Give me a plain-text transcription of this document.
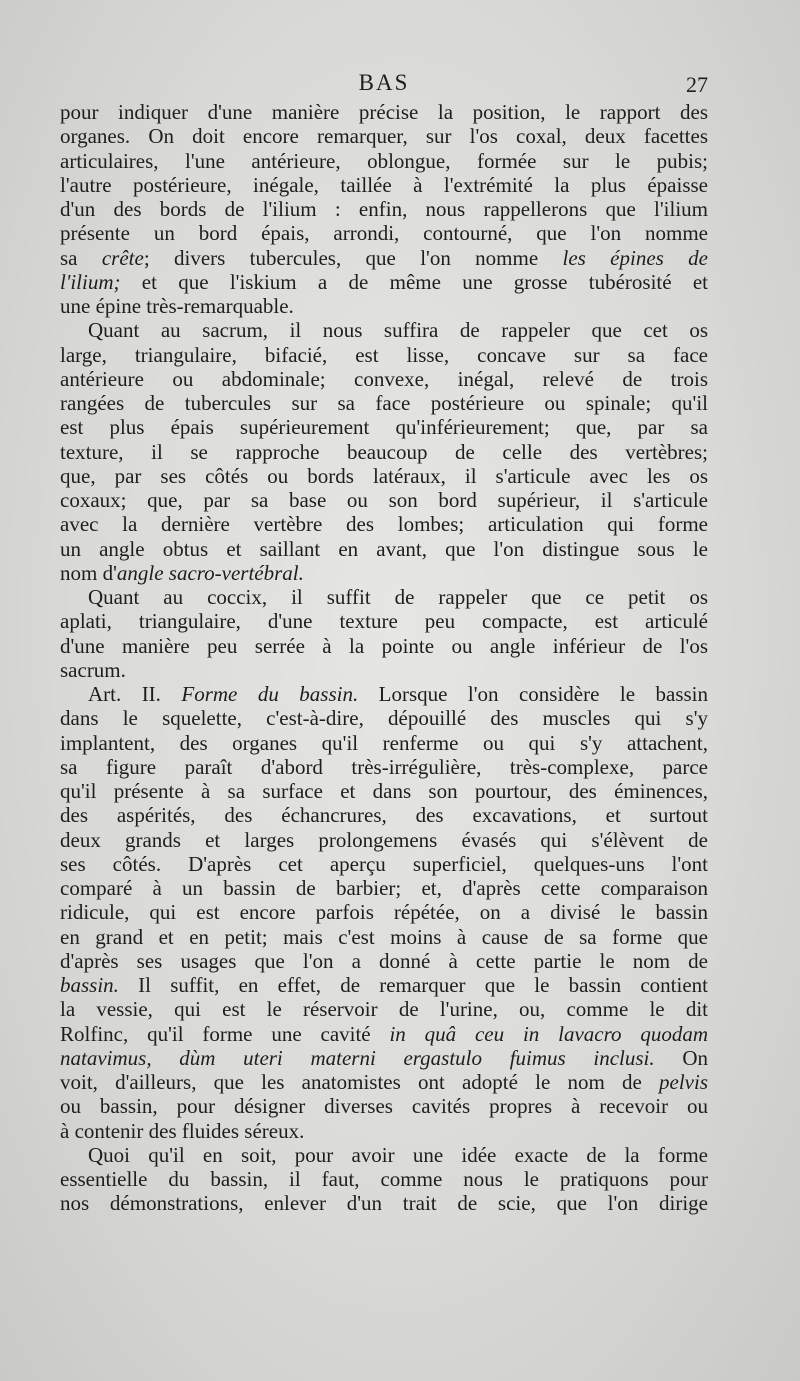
BAS	27
pour indiquer d'une manière précise la position, le rapport des
organes. On doit encore remarquer, sur l'os coxal, deux facettes
articulaires, l'une antérieure, oblongue, formée sur le pubis;
l'autre postérieure, inégale, taillée à l'extrémité la plus épaisse
d'un des bords de l'ilium : enfin, nous rappellerons que l'ilium
présente un bord épais, arrondi, contourné, que l'on nomme
sa crête; divers tubercules, que l'on nomme les épines de
l'ilium; et que l'iskium a de même une grosse tubérosité et
une épine très-remarquable.
Quant au sacrum, il nous suffira de rappeler que cet os
large, triangulaire, bifacié, est lisse, concave sur sa face
antérieure ou abdominale; convexe, inégal, relevé de trois
rangées de tubercules sur sa face postérieure ou spinale; qu'il
est plus épais supérieurement qu'inférieurement; que, par sa
texture, il se rapproche beaucoup de celle des vertèbres;
que, par ses côtés ou bords latéraux, il s'articule avec les os
coxaux; que, par sa base ou son bord supérieur, il s'articule
avec la dernière vertèbre des lombes; articulation qui forme
un angle obtus et saillant en avant, que l'on distingue sous le
nom d'angle sacro-vertébral.
Quant au coccix, il suffit de rappeler que ce petit os
aplati, triangulaire, d'une texture peu compacte, est articulé
d'une manière peu serrée à la pointe ou angle inférieur de l'os
sacrum.
Art. II. Forme du bassin. Lorsque l'on considère le bassin
dans le squelette, c'est-à-dire, dépouillé des muscles qui s'y
implantent, des organes qu'il renferme ou qui s'y attachent,
sa figure paraît d'abord très-irrégulière, très-complexe, parce
qu'il présente à sa surface et dans son pourtour, des éminences,
des aspérités, des échancrures, des excavations, et surtout
deux grands et larges prolongemens évasés qui s'élèvent de
ses côtés. D'après cet aperçu superficiel, quelques-uns l'ont
comparé à un bassin de barbier; et, d'après cette comparaison
ridicule, qui est encore parfois répétée, on a divisé le bassin
en grand et en petit; mais c'est moins à cause de sa forme que
d'après ses usages que l'on a donné à cette partie le nom de
bassin. Il suffit, en effet, de remarquer que le bassin contient
la vessie, qui est le réservoir de l'urine, ou, comme le dit
Rolfinc, qu'il forme une cavité in quâ ceu in lavacro quodam
natavimus, dùm uteri materni ergastulo fuimus inclusi. On
voit, d'ailleurs, que les anatomistes ont adopté le nom de pelvis
ou bassin, pour désigner diverses cavités propres à recevoir ou
à contenir des fluides séreux.
Quoi qu'il en soit, pour avoir une idée exacte de la forme
essentielle du bassin, il faut, comme nous le pratiquons pour
nos démonstrations, enlever d'un trait de scie, que l'on dirige
